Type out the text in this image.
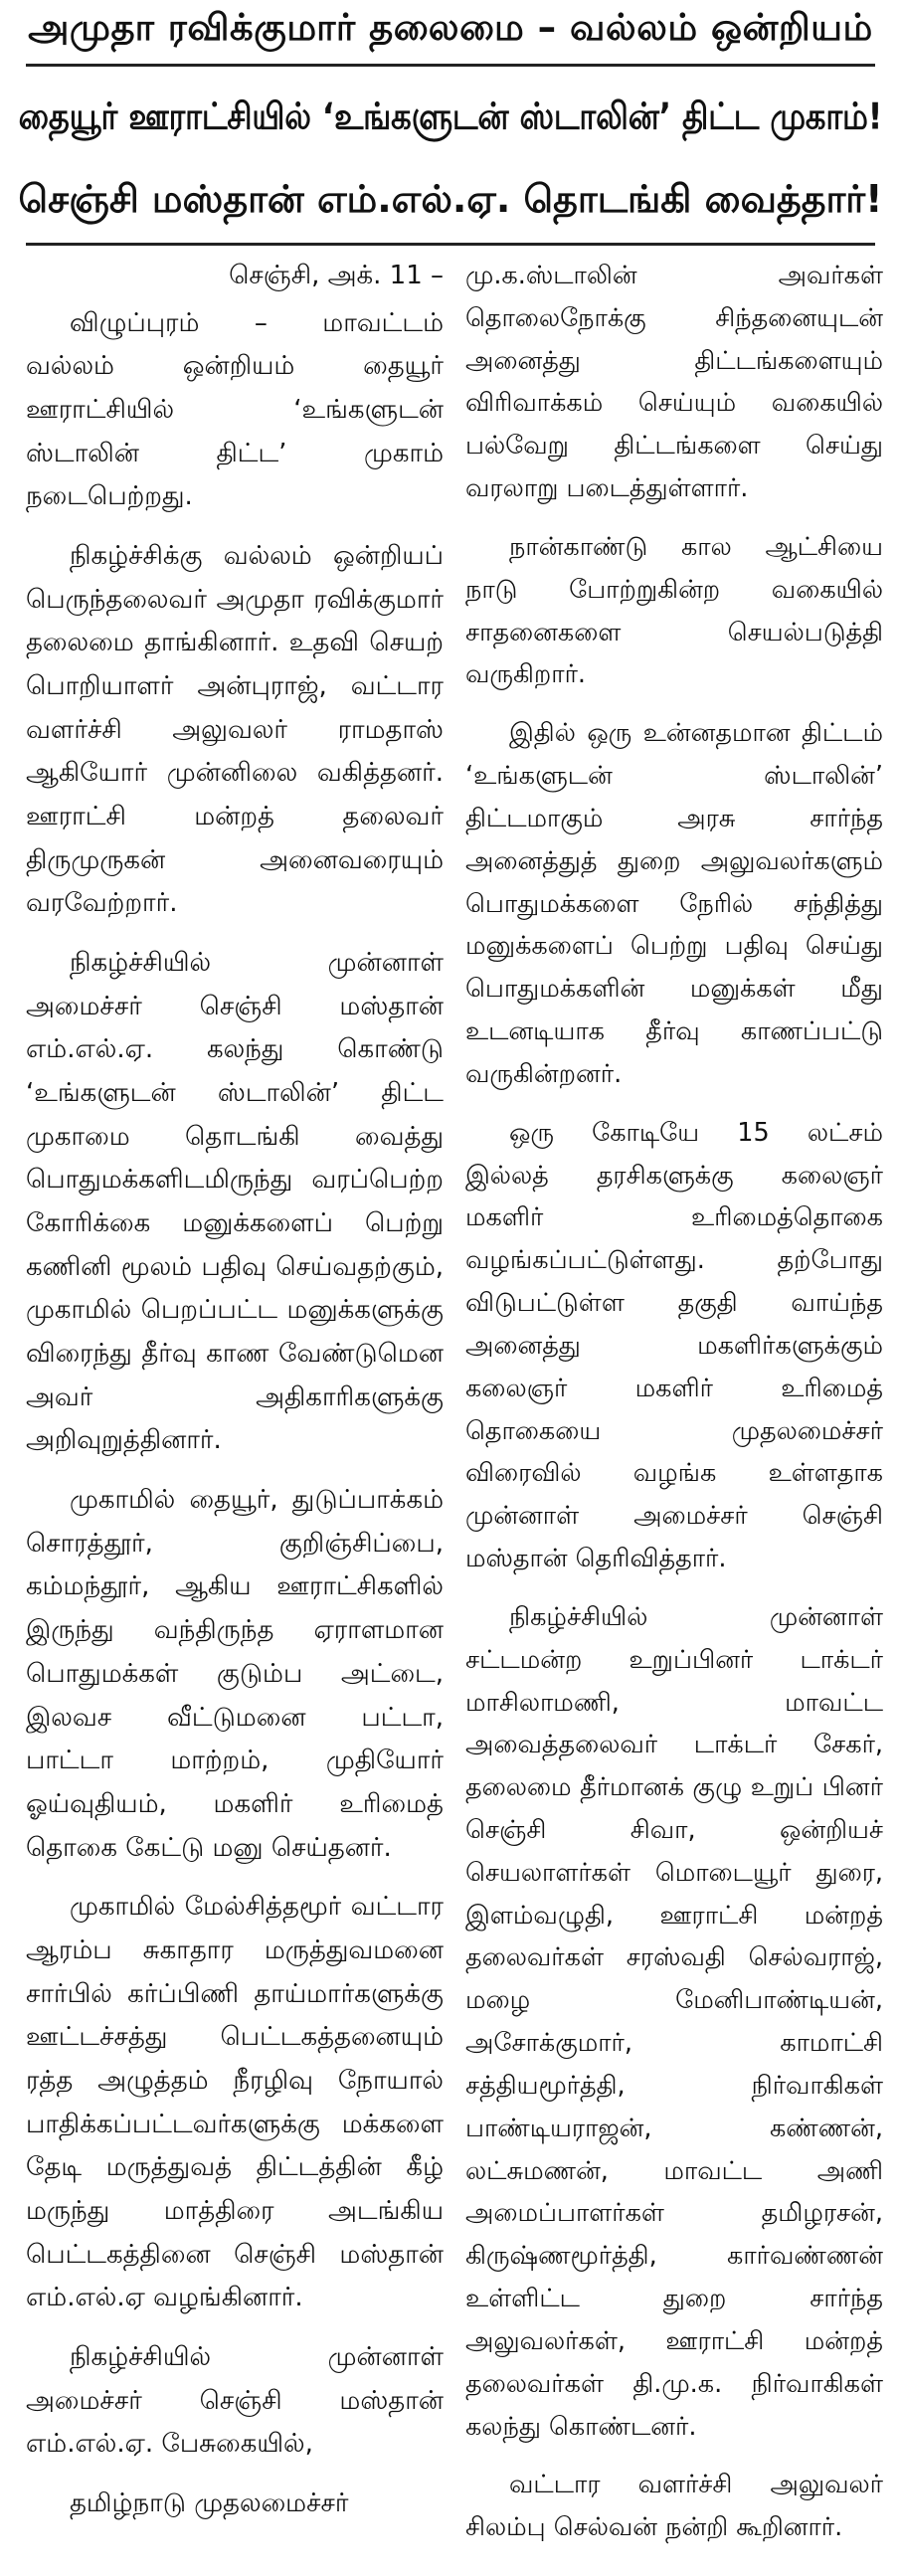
அமுதா ரவிக்குமார் தலைமை – வல்லம் ஒன்றியம்
தையூர் ஊராட்சியில் ‘உங்களுடன் ஸ்டாலின்’ திட்ட முகாம்!
செஞ்சி மஸ்தான் எம்.எல்.ஏ. தொடங்கி வைத்தார்!
செஞ்சி, அக். 11 –

விழுப்புரம் – மாவட்டம் வல்லம் ஒன்றியம் தையூர் ஊராட்சியில் ‘உங்களுடன் ஸ்டாலின் திட்ட’ முகாம் நடைபெற்றது.

நிகழ்ச்சிக்கு வல்லம் ஒன்றியப் பெருந்தலைவர் அமுதா ரவிக்குமார் தலைமை தாங்கினார். உதவி செயற் பொறியாளர் அன்புராஜ், வட்டார வளர்ச்சி அலுவலர் ராமதாஸ் ஆகியோர் முன்னிலை வகித்தனர். ஊராட்சி மன்றத் தலைவர் திருமுருகன் அனைவரையும் வரவேற்றார்.

நிகழ்ச்சியில் முன்னாள் அமைச்சர் செஞ்சி மஸ்தான் எம்.எல்.ஏ. கலந்து கொண்டு ‘உங்களுடன் ஸ்டாலின்’ திட்ட முகாமை தொடங்கி வைத்து பொதுமக்களிடமிருந்து வரப்பெற்ற கோரிக்கை மனுக்களைப் பெற்று கணினி மூலம் பதிவு செய்வதற்கும், முகாமில் பெறப்பட்ட மனுக்களுக்கு விரைந்து தீர்வு காண வேண்டுமென அவர் அதிகாரிகளுக்கு அறிவுறுத்தினார்.

முகாமில் தையூர், துடுப்பாக்கம் சொரத்தூர், குறிஞ்சிப்பை, கம்மந்தூர், ஆகிய ஊராட்சிகளில் இருந்து வந்திருந்த ஏராளமான பொதுமக்கள் குடும்ப அட்டை, இலவச வீட்டுமனை பட்டா, பாட்டா மாற்றம், முதியோர் ஓய்வுதியம், மகளிர் உரிமைத் தொகை கேட்டு மனு செய்தனர்.

முகாமில் மேல்சித்தமூர் வட்டார ஆரம்ப சுகாதார மருத்துவமனை சார்பில் கர்ப்பிணி தாய்மார்களுக்கு ஊட்டச்சத்து பெட்டகத்தனையும் ரத்த அழுத்தம் நீரழிவு நோயால் பாதிக்கப்பட்டவர்களுக்கு மக்களை தேடி மருத்துவத் திட்டத்தின் கீழ் மருந்து மாத்திரை அடங்கிய பெட்டகத்தினை செஞ்சி மஸ்தான் எம்.எல்.ஏ வழங்கினார்.

நிகழ்ச்சியில் முன்னாள் அமைச்சர் செஞ்சி மஸ்தான் எம்.எல்.ஏ. பேசுகையில்,

தமிழ்நாடு முதலமைச்சர்

மு.க.ஸ்டாலின் அவர்கள் தொலைநோக்கு சிந்தனையுடன் அனைத்து திட்டங்களையும் விரிவாக்கம் செய்யும் வகையில் பல்வேறு திட்டங்களை செய்து வரலாறு படைத்துள்ளார்.

நான்காண்டு கால ஆட்சியை நாடு போற்றுகின்ற வகையில் சாதனைகளை செயல்படுத்தி வருகிறார்.

இதில் ஒரு உன்னதமான திட்டம் ‘உங்களுடன் ஸ்டாலின்’ திட்டமாகும் அரசு சார்ந்த அனைத்துத் துறை அலுவலர்களும் பொதுமக்களை நேரில் சந்தித்து மனுக்களைப் பெற்று பதிவு செய்து பொதுமக்களின் மனுக்கள் மீது உடனடியாக தீர்வு காணப்பட்டு வருகின்றனர்.

ஒரு கோடியே 15 லட்சம் இல்லத் தரசிகளுக்கு கலைஞர் மகளிர் உரிமைத்தொகை வழங்கப்பட்டுள்ளது. தற்போது விடுபட்டுள்ள தகுதி வாய்ந்த அனைத்து மகளிர்களுக்கும் கலைஞர் மகளிர் உரிமைத் தொகையை முதலமைச்சர் விரைவில் வழங்க உள்ளதாக முன்னாள் அமைச்சர் செஞ்சி மஸ்தான் தெரிவித்தார்.

நிகழ்ச்சியில் முன்னாள் சட்டமன்ற உறுப்பினர் டாக்டர் மாசிலாமணி, மாவட்ட அவைத்தலைவர் டாக்டர் சேகர், தலைமை தீர்மானக் குழு உறுப் பினர் செஞ்சி சிவா, ஒன்றியச் செயலாளர்கள் மொடையூர் துரை, இளம்வழுதி, ஊராட்சி மன்றத் தலைவர்கள் சரஸ்வதி செல்வராஜ், மழை மேனிபாண்டியன், அசோக்குமார், காமாட்சி சத்தியமூர்த்தி, நிர்வாகிகள் பாண்டியராஜன், கண்ணன், லட்சுமணன், மாவட்ட அணி அமைப்பாளர்கள் தமிழரசன், கிருஷ்ணமூர்த்தி, கார்வண்ணன் உள்ளிட்ட துறை சார்ந்த அலுவலர்கள், ஊராட்சி மன்றத் தலைவர்கள் தி.மு.க. நிர்வாகிகள் கலந்து கொண்டனர்.

வட்டார வளர்ச்சி அலுவலர் சிலம்பு செல்வன் நன்றி கூறினார்.
